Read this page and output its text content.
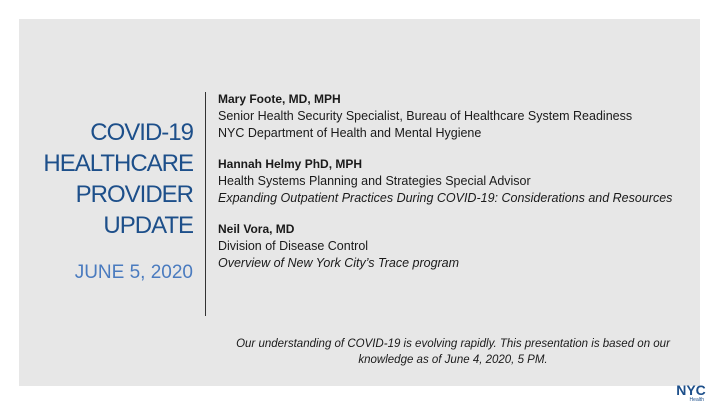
COVID-19
HEALTHCARE
PROVIDER
UPDATE
JUNE 5, 2020
Mary Foote, MD, MPH
Senior Health Security Specialist, Bureau of Healthcare System Readiness
NYC Department of Health and Mental Hygiene
Hannah Helmy PhD, MPH
Health Systems Planning and Strategies Special Advisor
Expanding Outpatient Practices During COVID-19: Considerations and Resources
Neil Vora, MD
Division of Disease Control
Overview of New York City’s Trace program
Our understanding of COVID-19 is evolving rapidly. This presentation is based on our knowledge as of June 4, 2020, 5 PM.
NYC
Health
